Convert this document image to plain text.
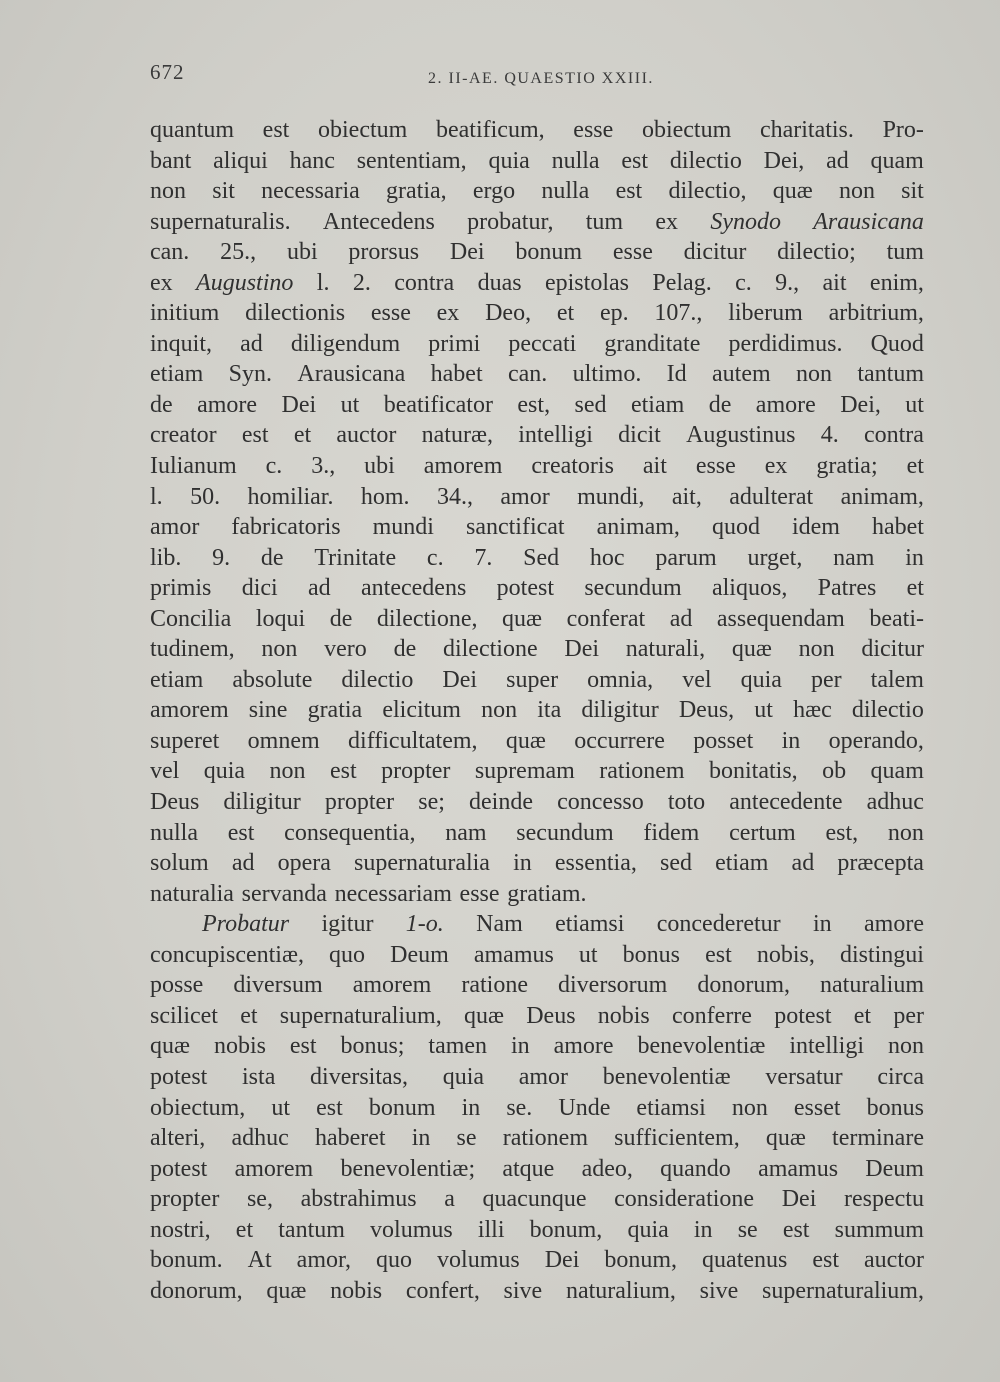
672	2. II-AE. QUAESTIO XXIII.
quantum est obiectum beatificum, esse obiectum charitatis. Pro-
bant aliqui hanc sententiam, quia nulla est dilectio Dei, ad quam
non sit necessaria gratia, ergo nulla est dilectio, quæ non sit
supernaturalis. Antecedens probatur, tum ex Synodo Arausicana
can. 25., ubi prorsus Dei bonum esse dicitur dilectio; tum
ex Augustino l. 2. contra duas epistolas Pelag. c. 9., ait enim,
initium dilectionis esse ex Deo, et ep. 107., liberum arbitrium,
inquit, ad diligendum primi peccati granditate perdidimus. Quod
etiam Syn. Arausicana habet can. ultimo. Id autem non tantum
de amore Dei ut beatificator est, sed etiam de amore Dei, ut
creator est et auctor naturæ, intelligi dicit Augustinus 4. contra
Iulianum c. 3., ubi amorem creatoris ait esse ex gratia; et
l. 50. homiliar. hom. 34., amor mundi, ait, adulterat animam,
amor fabricatoris mundi sanctificat animam, quod idem habet
lib. 9. de Trinitate c. 7. Sed hoc parum urget, nam in
primis dici ad antecedens potest secundum aliquos, Patres et
Concilia loqui de dilectione, quæ conferat ad assequendam beati-
tudinem, non vero de dilectione Dei naturali, quæ non dicitur
etiam absolute dilectio Dei super omnia, vel quia per talem
amorem sine gratia elicitum non ita diligitur Deus, ut hæc dilectio
superet omnem difficultatem, quæ occurrere posset in operando,
vel quia non est propter supremam rationem bonitatis, ob quam
Deus diligitur propter se; deinde concesso toto antecedente adhuc
nulla est consequentia, nam secundum fidem certum est, non
solum ad opera supernaturalia in essentia, sed etiam ad præcepta
naturalia servanda necessariam esse gratiam.
Probatur igitur 1-o. Nam etiamsi concederetur in amore
concupiscentiæ, quo Deum amamus ut bonus est nobis, distingui
posse diversum amorem ratione diversorum donorum, naturalium
scilicet et supernaturalium, quæ Deus nobis conferre potest et per
quæ nobis est bonus; tamen in amore benevolentiæ intelligi non
potest ista diversitas, quia amor benevolentiæ versatur circa
obiectum, ut est bonum in se. Unde etiamsi non esset bonus
alteri, adhuc haberet in se rationem sufficientem, quæ terminare
potest amorem benevolentiæ; atque adeo, quando amamus Deum
propter se, abstrahimus a quacunque consideratione Dei respectu
nostri, et tantum volumus illi bonum, quia in se est summum
bonum. At amor, quo volumus Dei bonum, quatenus est auctor
donorum, quæ nobis confert, sive naturalium, sive supernaturalium,
